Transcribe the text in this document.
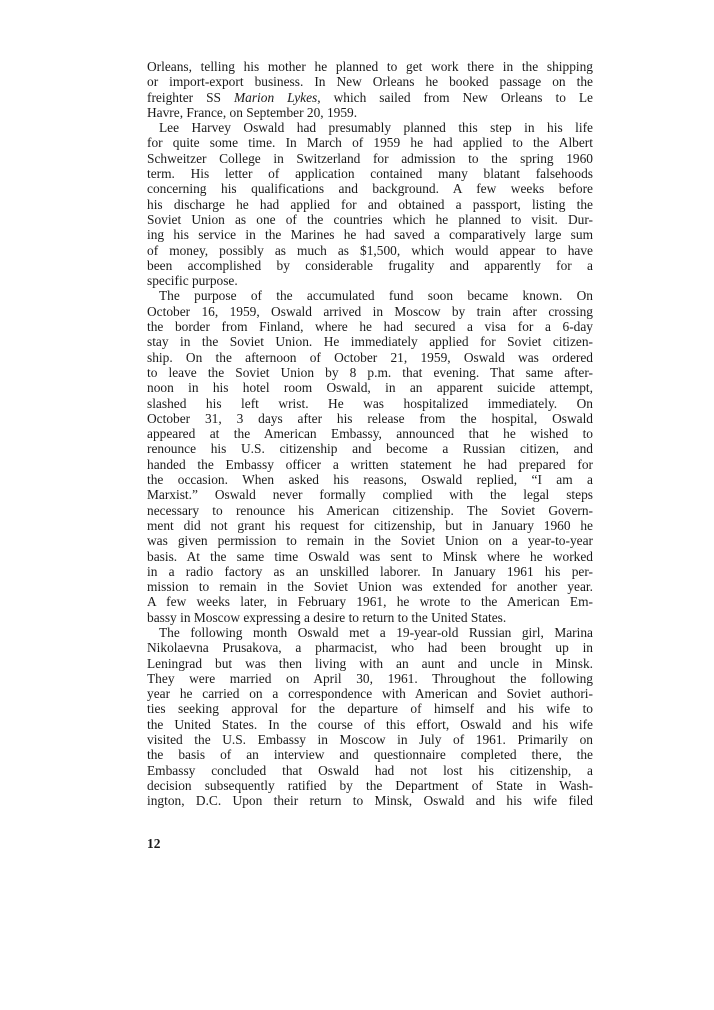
Orleans, telling his mother he planned to get work there in the shipping
or import-export business. In New Orleans he booked passage on the
freighter SS Marion Lykes, which sailed from New Orleans to Le
Havre, France, on September 20, 1959.
Lee Harvey Oswald had presumably planned this step in his life
for quite some time. In March of 1959 he had applied to the Albert
Schweitzer College in Switzerland for admission to the spring 1960
term. His letter of application contained many blatant falsehoods
concerning his qualifications and background. A few weeks before
his discharge he had applied for and obtained a passport, listing the
Soviet Union as one of the countries which he planned to visit. Dur-
ing his service in the Marines he had saved a comparatively large sum
of money, possibly as much as $1,500, which would appear to have
been accomplished by considerable frugality and apparently for a
specific purpose.
The purpose of the accumulated fund soon became known. On
October 16, 1959, Oswald arrived in Moscow by train after crossing
the border from Finland, where he had secured a visa for a 6-day
stay in the Soviet Union. He immediately applied for Soviet citizen-
ship. On the afternoon of October 21, 1959, Oswald was ordered
to leave the Soviet Union by 8 p.m. that evening. That same after-
noon in his hotel room Oswald, in an apparent suicide attempt,
slashed his left wrist. He was hospitalized immediately. On
October 31, 3 days after his release from the hospital, Oswald
appeared at the American Embassy, announced that he wished to
renounce his U.S. citizenship and become a Russian citizen, and
handed the Embassy officer a written statement he had prepared for
the occasion. When asked his reasons, Oswald replied, “I am a
Marxist.” Oswald never formally complied with the legal steps
necessary to renounce his American citizenship. The Soviet Govern-
ment did not grant his request for citizenship, but in January 1960 he
was given permission to remain in the Soviet Union on a year-to-year
basis. At the same time Oswald was sent to Minsk where he worked
in a radio factory as an unskilled laborer. In January 1961 his per-
mission to remain in the Soviet Union was extended for another year.
A few weeks later, in February 1961, he wrote to the American Em-
bassy in Moscow expressing a desire to return to the United States.
The following month Oswald met a 19-year-old Russian girl, Marina
Nikolaevna Prusakova, a pharmacist, who had been brought up in
Leningrad but was then living with an aunt and uncle in Minsk.
They were married on April 30, 1961. Throughout the following
year he carried on a correspondence with American and Soviet authori-
ties seeking approval for the departure of himself and his wife to
the United States. In the course of this effort, Oswald and his wife
visited the U.S. Embassy in Moscow in July of 1961. Primarily on
the basis of an interview and questionnaire completed there, the
Embassy concluded that Oswald had not lost his citizenship, a
decision subsequently ratified by the Department of State in Wash-
ington, D.C. Upon their return to Minsk, Oswald and his wife filed
12
